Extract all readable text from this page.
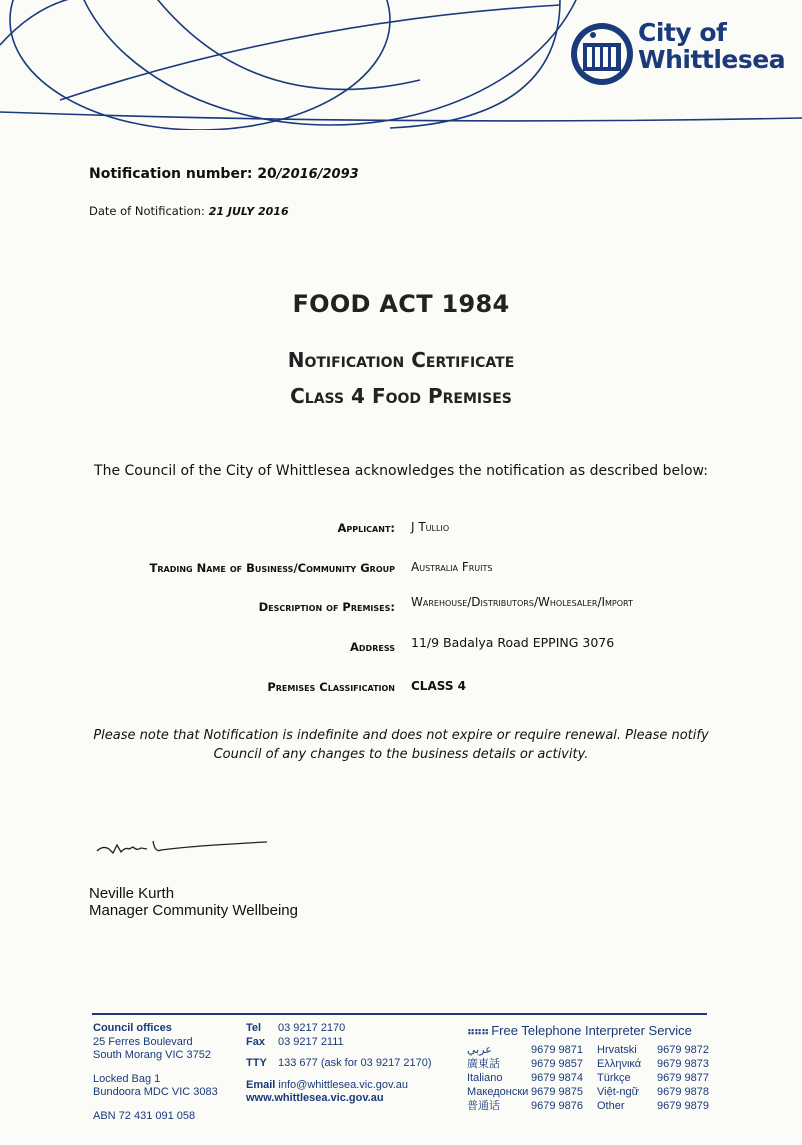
City of
Whittlesea
Notification number: 20/2016/2093
Date of Notification: 21 JULY 2016
FOOD ACT 1984
Notification Certificate
Class 4 Food Premises
The Council of the City of Whittlesea acknowledges the notification as described below:
Applicant: J Tullio
Trading Name of Business/Community Group Australia Fruits
Description of Premises: Warehouse/Distributors/Wholesaler/Import
Address 11/9 Badalya Road EPPING 3076
Premises Classification CLASS 4
Please note that Notification is indefinite and does not expire or require renewal. Please notify
Council of any changes to the business details or activity.
Neville Kurth
Manager Community Wellbeing
Council offices
25 Ferres Boulevard
South Morang VIC 3752
Locked Bag 1
Bundoora MDC VIC 3083
ABN 72 431 091 058
Tel 03 9217 2170
Fax 03 9217 2111
TTY 133 677 (ask for 03 9217 2170)
Email info@whittlesea.vic.gov.au
www.whittlesea.vic.gov.au
⠶⠶⠶ Free Telephone Interpreter Service
عربي	9679 9871	Hrvatski	9679 9872
廣東話	9679 9857	Ελληνικά	9679 9873
Italiano	9679 9874	Türkçe	9679 9877
Македонски 9679 9875	Việt-ngữ	9679 9878
普通话	9679 9876	Other	9679 9879
